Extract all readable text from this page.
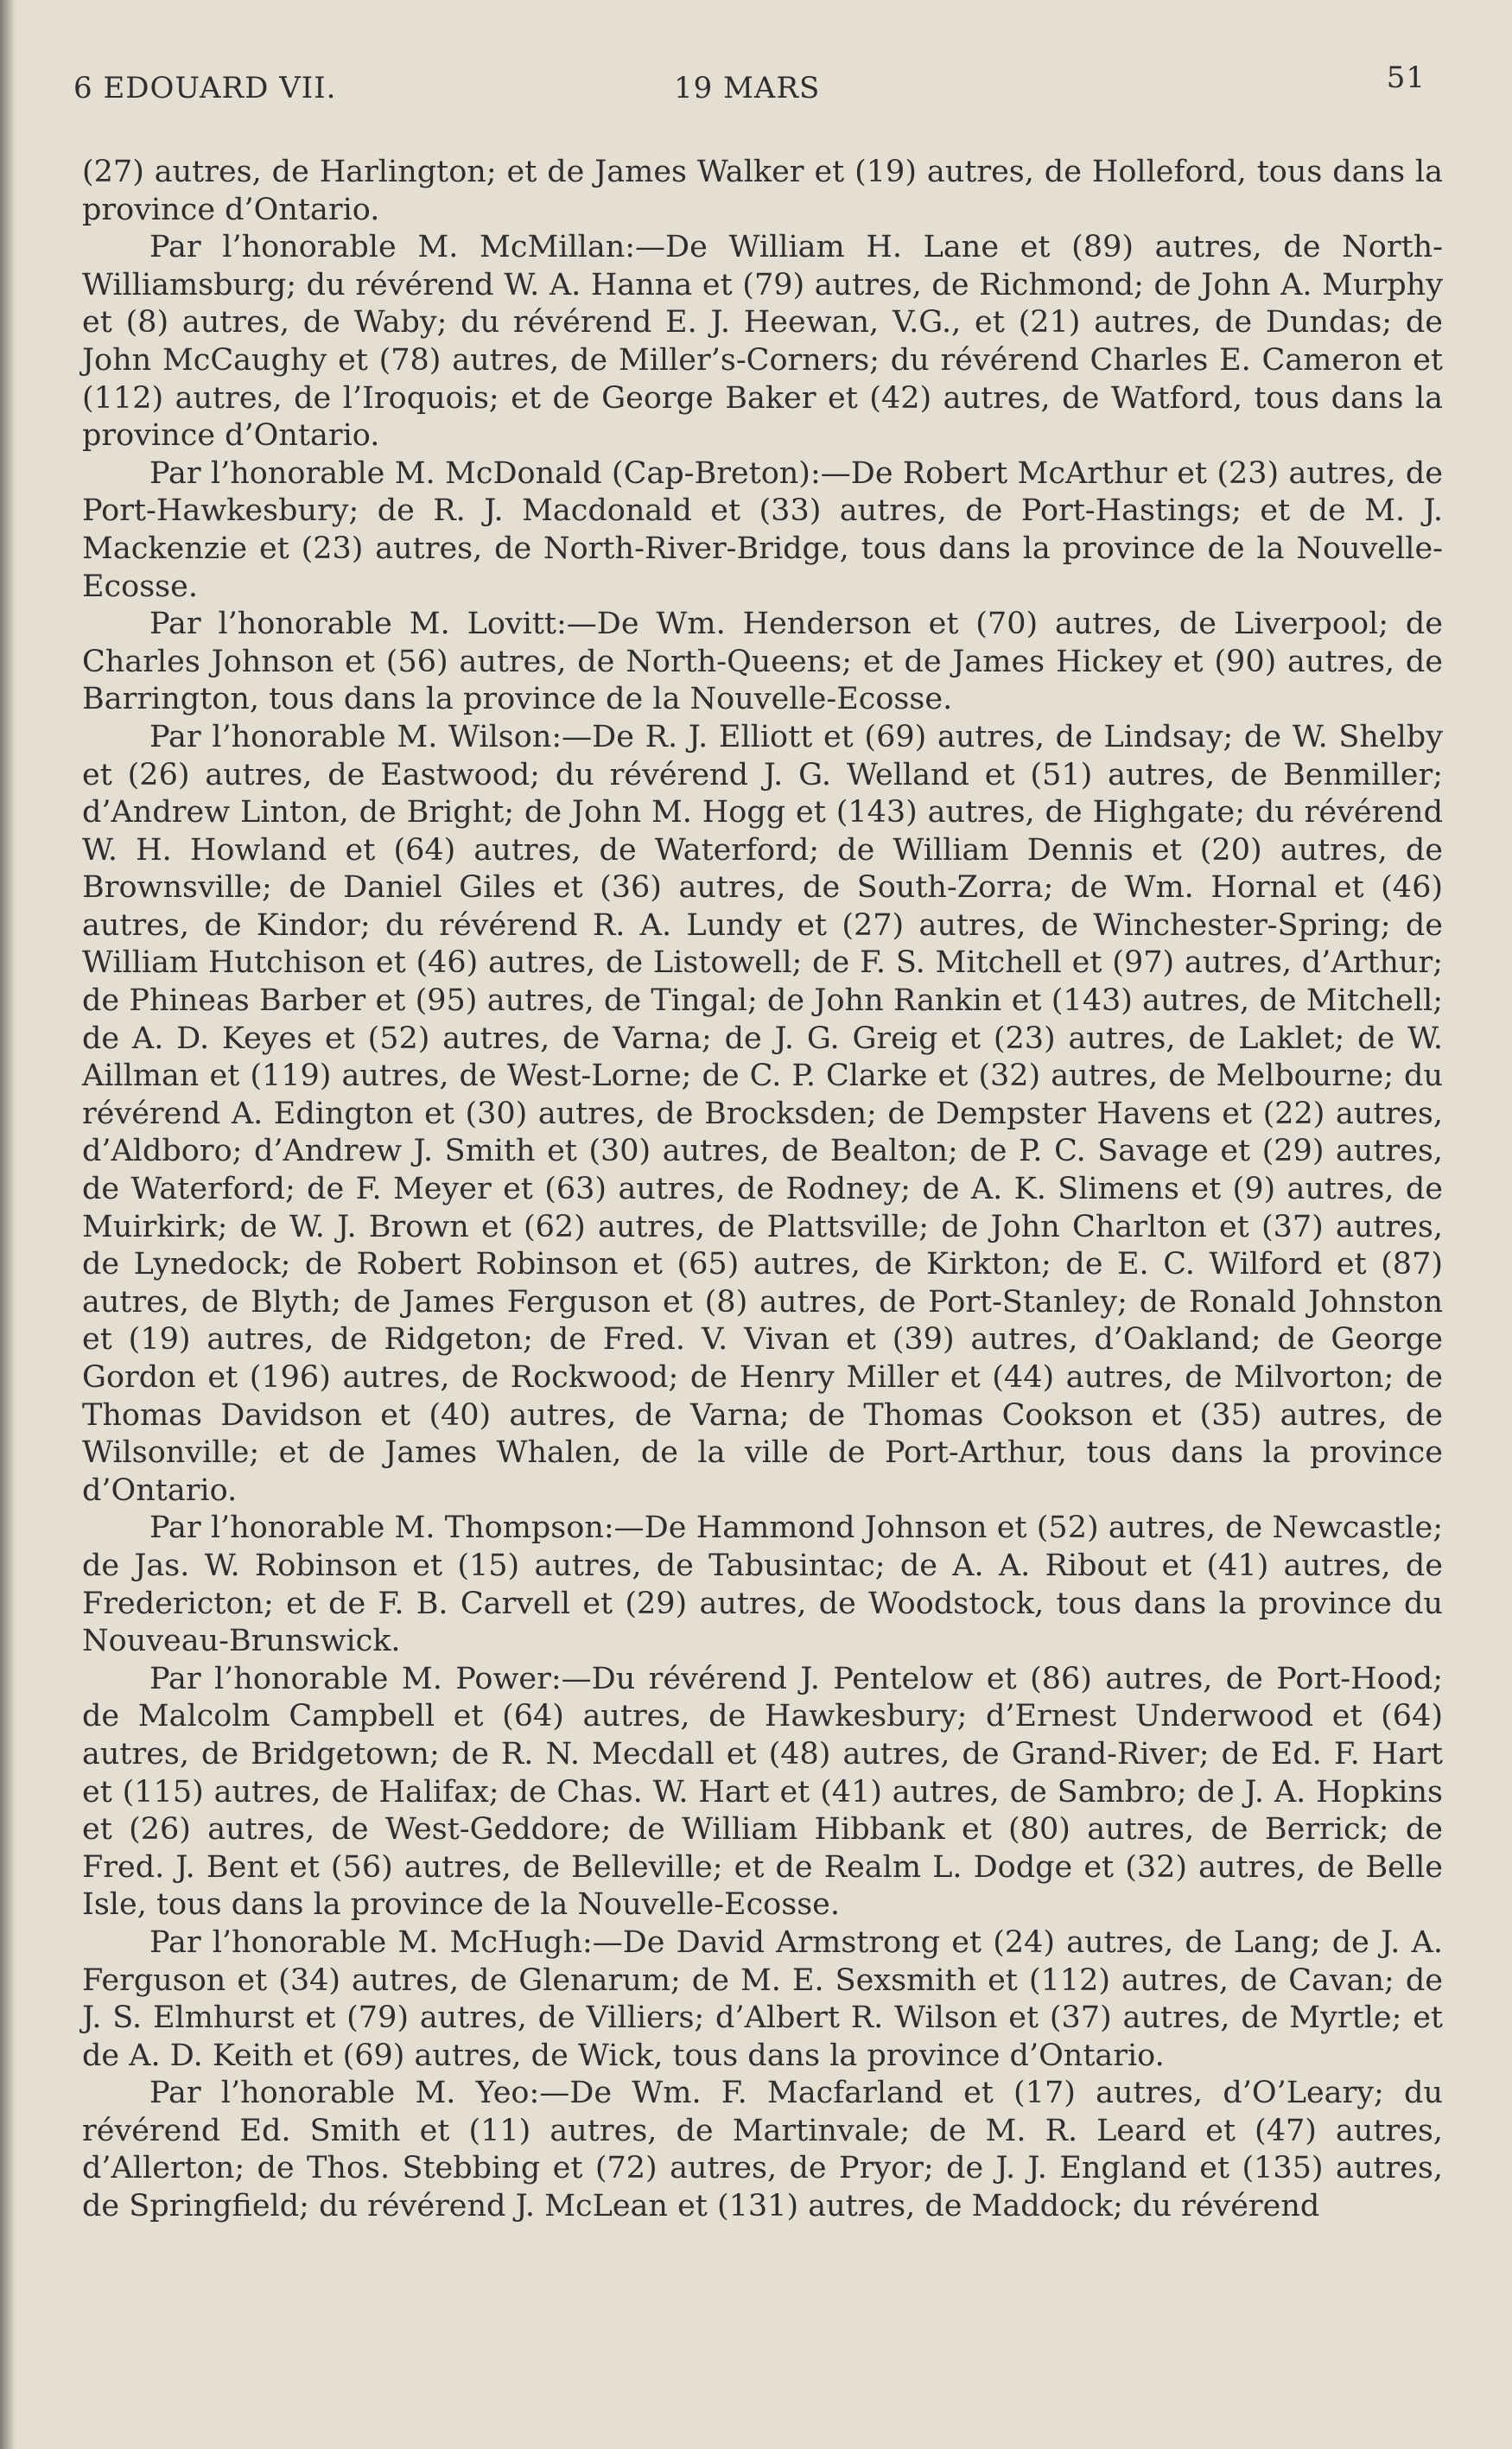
6 EDOUARD VII.	19 MARS	51

(27) autres, de Harlington; et de James Walker et (19) autres, de Holleford, tous dans la province d’Ontario.

Par l’honorable M. McMillan:—De William H. Lane et (89) autres, de North-Williamsburg; du révérend W. A. Hanna et (79) autres, de Richmond; de John A. Murphy et (8) autres, de Waby; du révérend E. J. Heewan, V.G., et (21) autres, de Dundas; de John McCaughy et (78) autres, de Miller’s-Corners; du révérend Charles E. Cameron et (112) autres, de l’Iroquois; et de George Baker et (42) autres, de Watford, tous dans la province d’Ontario.

Par l’honorable M. McDonald (Cap-Breton):—De Robert McArthur et (23) autres, de Port-Hawkesbury; de R. J. Macdonald et (33) autres, de Port-Hastings; et de M. J. Mackenzie et (23) autres, de North-River-Bridge, tous dans la province de la Nouvelle-Ecosse.

Par l’honorable M. Lovitt:—De Wm. Henderson et (70) autres, de Liverpool; de Charles Johnson et (56) autres, de North-Queens; et de James Hickey et (90) autres, de Barrington, tous dans la province de la Nouvelle-Ecosse.

Par l’honorable M. Wilson:—De R. J. Elliott et (69) autres, de Lindsay; de W. Shelby et (26) autres, de Eastwood; du révérend J. G. Welland et (51) autres, de Benmiller; d’Andrew Linton, de Bright; de John M. Hogg et (143) autres, de Highgate; du révérend W. H. Howland et (64) autres, de Waterford; de William Dennis et (20) autres, de Brownsville; de Daniel Giles et (36) autres, de South-Zorra; de Wm. Hornal et (46) autres, de Kindor; du révérend R. A. Lundy et (27) autres, de Winchester-Spring; de William Hutchison et (46) autres, de Listowell; de F. S. Mitchell et (97) autres, d’Arthur; de Phineas Barber et (95) autres, de Tingal; de John Rankin et (143) autres, de Mitchell; de A. D. Keyes et (52) autres, de Varna; de J. G. Greig et (23) autres, de Laklet; de W. Aillman et (119) autres, de West-Lorne; de C. P. Clarke et (32) autres, de Melbourne; du révérend A. Edington et (30) autres, de Brocksden; de Dempster Havens et (22) autres, d’Aldboro; d’Andrew J. Smith et (30) autres, de Bealton; de P. C. Savage et (29) autres, de Waterford; de F. Meyer et (63) autres, de Rodney; de A. K. Slimens et (9) autres, de Muirkirk; de W. J. Brown et (62) autres, de Plattsville; de John Charlton et (37) autres, de Lynedock; de Robert Robinson et (65) autres, de Kirkton; de E. C. Wilford et (87) autres, de Blyth; de James Ferguson et (8) autres, de Port-Stanley; de Ronald Johnston et (19) autres, de Ridgeton; de Fred. V. Vivan et (39) autres, d’Oakland; de George Gordon et (196) autres, de Rockwood; de Henry Miller et (44) autres, de Milvorton; de Thomas Davidson et (40) autres, de Varna; de Thomas Cookson et (35) autres, de Wilsonville; et de James Whalen, de la ville de Port-Arthur, tous dans la province d’Ontario.

Par l’honorable M. Thompson:—De Hammond Johnson et (52) autres, de Newcastle; de Jas. W. Robinson et (15) autres, de Tabusintac; de A. A. Ribout et (41) autres, de Fredericton; et de F. B. Carvell et (29) autres, de Woodstock, tous dans la province du Nouveau-Brunswick.

Par l’honorable M. Power:—Du révérend J. Pentelow et (86) autres, de Port-Hood; de Malcolm Campbell et (64) autres, de Hawkesbury; d’Ernest Underwood et (64) autres, de Bridgetown; de R. N. Mecdall et (48) autres, de Grand-River; de Ed. F. Hart et (115) autres, de Halifax; de Chas. W. Hart et (41) autres, de Sambro; de J. A. Hopkins et (26) autres, de West-Geddore; de William Hibbank et (80) autres, de Berrick; de Fred. J. Bent et (56) autres, de Belleville; et de Realm L. Dodge et (32) autres, de Belle Isle, tous dans la province de la Nouvelle-Ecosse.

Par l’honorable M. McHugh:—De David Armstrong et (24) autres, de Lang; de J. A. Ferguson et (34) autres, de Glenarum; de M. E. Sexsmith et (112) autres, de Cavan; de J. S. Elmhurst et (79) autres, de Villiers; d’Albert R. Wilson et (37) autres, de Myrtle; et de A. D. Keith et (69) autres, de Wick, tous dans la province d’Ontario.

Par l’honorable M. Yeo:—De Wm. F. Macfarland et (17) autres, d’O’Leary; du révérend Ed. Smith et (11) autres, de Martinvale; de M. R. Leard et (47) autres, d’Allerton; de Thos. Stebbing et (72) autres, de Pryor; de J. J. England et (135) autres, de Springfield; du révérend J. McLean et (131) autres, de Maddock; du révérend
